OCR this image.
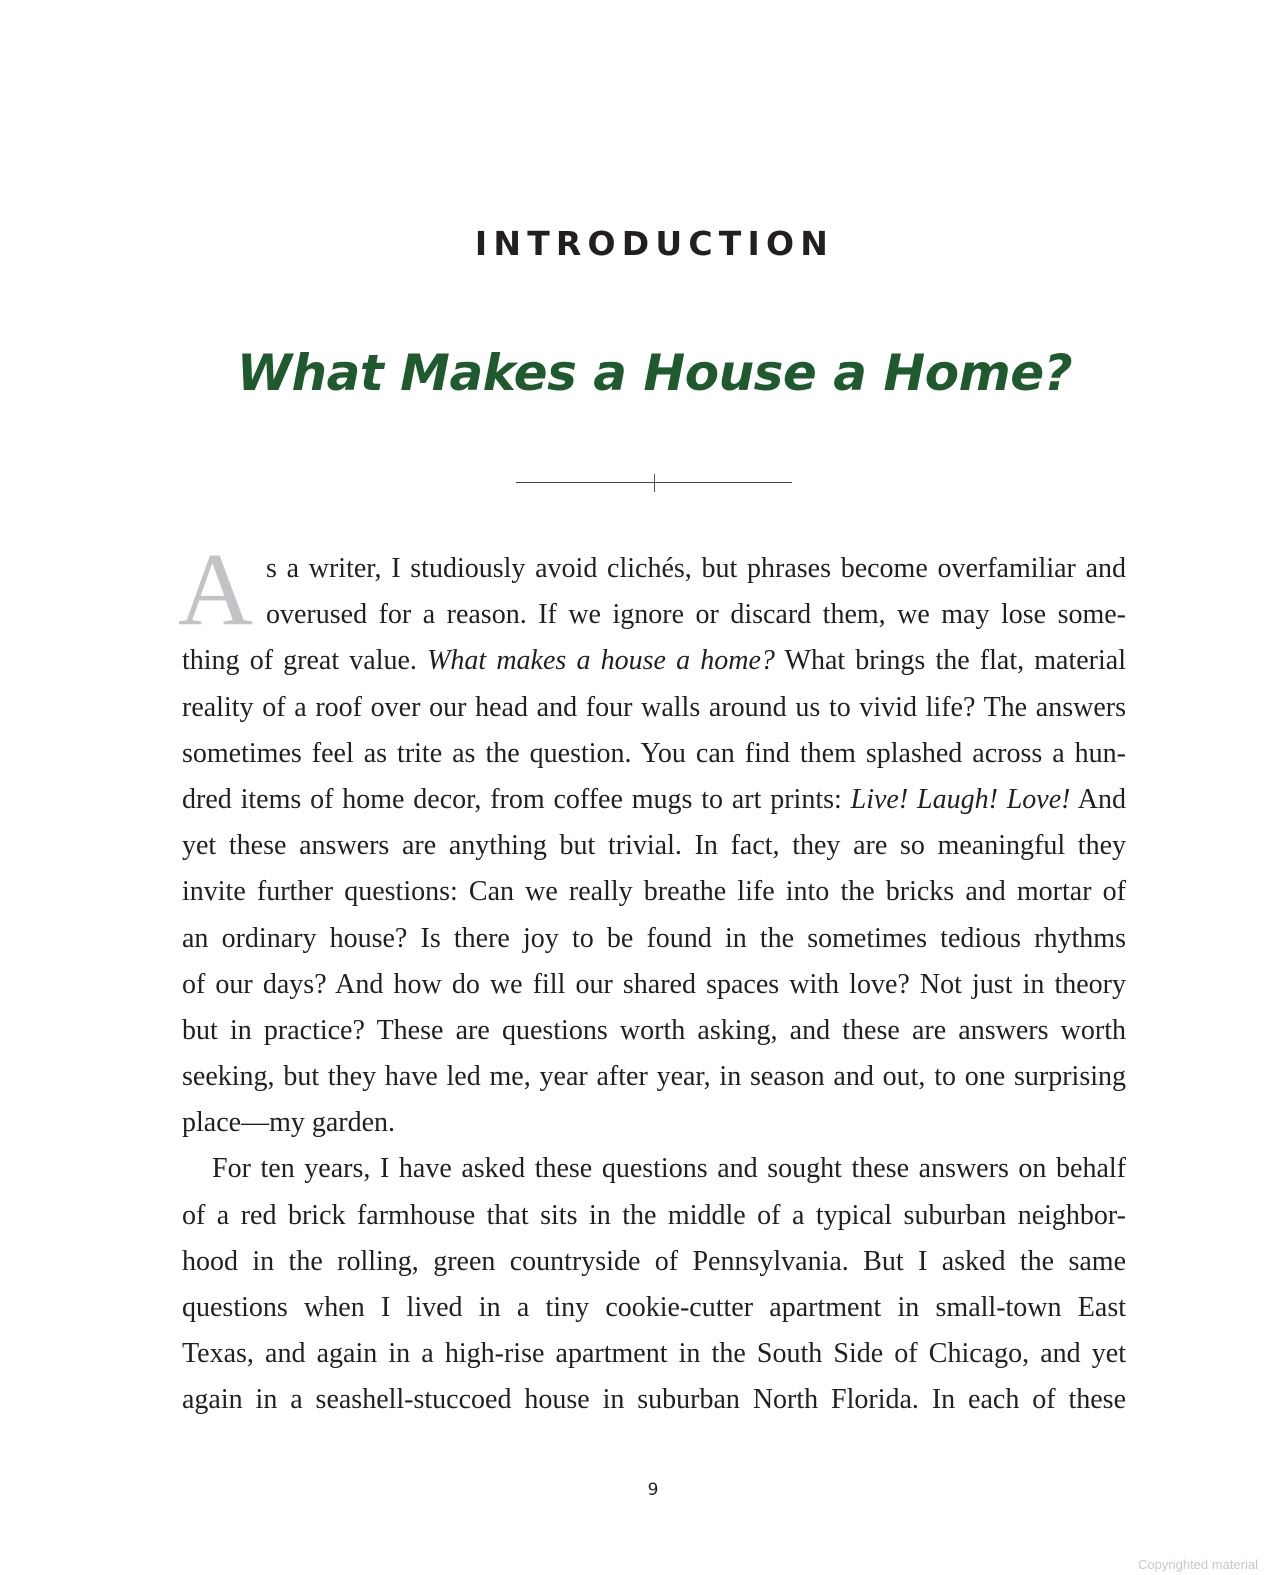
INTRODUCTION
What Makes a House a Home?
A s a writer, I studiously avoid clichés, but phrases become overfamiliar and
overused for a reason. If we ignore or discard them, we may lose some-
thing of great value. What makes a house a home? What brings the flat, material
reality of a roof over our head and four walls around us to vivid life? The answers
sometimes feel as trite as the question. You can find them splashed across a hun-
dred items of home decor, from coffee mugs to art prints: Live! Laugh! Love! And
yet these answers are anything but trivial. In fact, they are so meaningful they
invite further questions: Can we really breathe life into the bricks and mortar of
an ordinary house? Is there joy to be found in the sometimes tedious rhythms
of our days? And how do we fill our shared spaces with love? Not just in theory
but in practice? These are questions worth asking, and these are answers worth
seeking, but they have led me, year after year, in season and out, to one surprising
place—my garden.
For ten years, I have asked these questions and sought these answers on behalf
of a red brick farmhouse that sits in the middle of a typical suburban neighbor-
hood in the rolling, green countryside of Pennsylvania. But I asked the same
questions when I lived in a tiny cookie-cutter apartment in small-town East
Texas, and again in a high-rise apartment in the South Side of Chicago, and yet
again in a seashell-stuccoed house in suburban North Florida. In each of these
9
Copyrighted material
